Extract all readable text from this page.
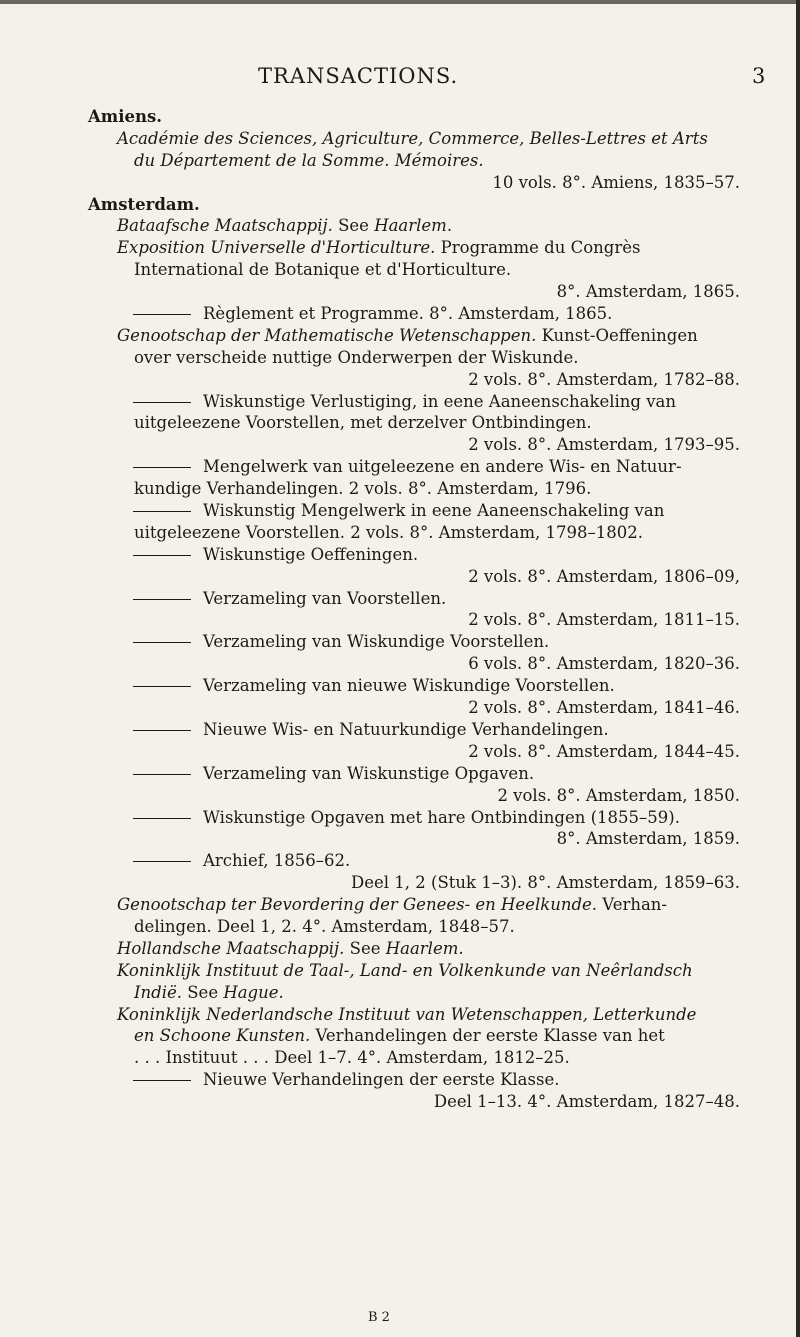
TRANSACTIONS.	3
Amiens.
Académie des Sciences, Agriculture, Commerce, Belles-Lettres et Arts
du Département de la Somme. Mémoires.
10 vols. 8°. Amiens, 1835–57.
Amsterdam.
Bataafsche Maatschappij. See Haarlem.
Exposition Universelle d'Horticulture. Programme du Congrès
International de Botanique et d'Horticulture.
8°. Amsterdam, 1865.
Règlement et Programme. 8°. Amsterdam, 1865.
Genootschap der Mathematische Wetenschappen. Kunst-Oeffeningen
over verscheide nuttige Onderwerpen der Wiskunde.
2 vols. 8°. Amsterdam, 1782–88.
Wiskunstige Verlustiging, in eene Aaneenschakeling van
uitgeleezene Voorstellen, met derzelver Ontbindingen.
2 vols. 8°. Amsterdam, 1793–95.
Mengelwerk van uitgeleezene en andere Wis- en Natuur-
kundige Verhandelingen. 2 vols. 8°. Amsterdam, 1796.
Wiskunstig Mengelwerk in eene Aaneenschakeling van
uitgeleezene Voorstellen. 2 vols. 8°. Amsterdam, 1798–1802.
Wiskunstige Oeffeningen.
2 vols. 8°. Amsterdam, 1806–09,
Verzameling van Voorstellen.
2 vols. 8°. Amsterdam, 1811–15.
Verzameling van Wiskundige Voorstellen.
6 vols. 8°. Amsterdam, 1820–36.
Verzameling van nieuwe Wiskundige Voorstellen.
2 vols. 8°. Amsterdam, 1841–46.
Nieuwe Wis- en Natuurkundige Verhandelingen.
2 vols. 8°. Amsterdam, 1844–45.
Verzameling van Wiskunstige Opgaven.
2 vols. 8°. Amsterdam, 1850.
Wiskunstige Opgaven met hare Ontbindingen (1855–59).
8°. Amsterdam, 1859.
Archief, 1856–62.
Deel 1, 2 (Stuk 1–3). 8°. Amsterdam, 1859–63.
Genootschap ter Bevordering der Genees- en Heelkunde. Verhan-
delingen. Deel 1, 2. 4°. Amsterdam, 1848–57.
Hollandsche Maatschappij. See Haarlem.
Koninklijk Instituut de Taal-, Land- en Volkenkunde van Neêrlandsch
Indië. See Hague.
Koninklijk Nederlandsche Instituut van Wetenschappen, Letterkunde
en Schoone Kunsten. Verhandelingen der eerste Klasse van het
. . . Instituut . . . Deel 1–7. 4°. Amsterdam, 1812–25.
Nieuwe Verhandelingen der eerste Klasse.
Deel 1–13. 4°. Amsterdam, 1827–48.
B 2
